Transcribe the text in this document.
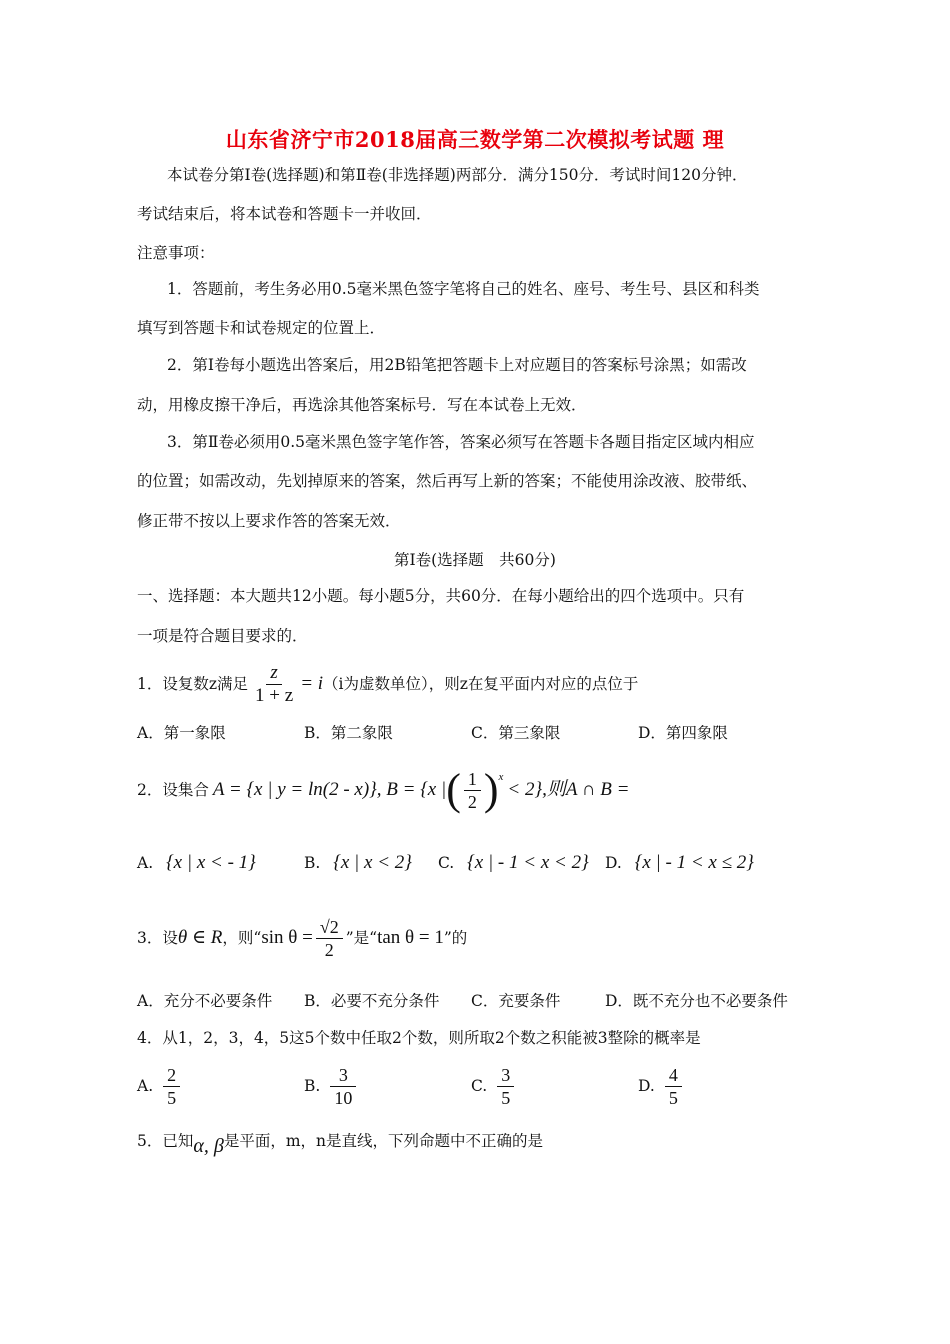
山东省济宁市2018届高三数学第二次模拟考试题 理
本试卷分第Ⅰ卷(选择题)和第Ⅱ卷(非选择题)两部分．满分150分．考试时间120分钟．
考试结束后，将本试卷和答题卡一并收回．
注意事项：
1．答题前，考生务必用0.5毫米黑色签字笔将自己的姓名、座号、考生号、县区和科类
填写到答题卡和试卷规定的位置上．
2．第Ⅰ卷每小题选出答案后，用2B铅笔把答题卡上对应题目的答案标号涂黑；如需改
动，用橡皮擦干净后，再选涂其他答案标号．写在本试卷上无效．
3．第Ⅱ卷必须用0.5毫米黑色签字笔作答，答案必须写在答题卡各题目指定区域内相应
的位置；如需改动，先划掉原来的答案，然后再写上新的答案；不能使用涂改液、胶带纸、
修正带不按以上要求作答的答案无效．
第Ⅰ卷(选择题　共60分)
一、选择题：本大题共12小题。每小题5分，共60分．在每小题给出的四个选项中。只有
一项是符合题目要求的．
1．设复数z满足 $\frac{z}{1 + z} = i$ （i为虚数单位），则z在复平面内对应的点位于
A．第一象限	B．第二象限	C．第三象限	D．第四象限
2．设集合 A = {x | y = ln(2 - x)} , B = {x | ( $\frac{1}{2} )^x$
< 2} ,则A ∩ B =
A. {x | x < - 1}	B. {x | x < 2} C. {x | - 1 < x < 2} D. {x | - 1 < x ≤ 2}
3．设 θ ∈ R ，则“ $\sin \theta = \frac{√2}{2}$ ”是“ tan θ = 1 ”的
A．充分不必要条件 B．必要不充分条件 C．充要条件	D．既不充分也不必要条件
4．从1，2，3，4，5这5个数中任取2个数，则所取2个数之积能被3整除的概率是
A. $\frac{2}{5}$	B. $\frac{3}{10}$	C. $\frac{3}{5}$	D. $\frac{4}{5}$
5．已知 α, β 是平面，m，n是直线，下列命题中不正确的是
